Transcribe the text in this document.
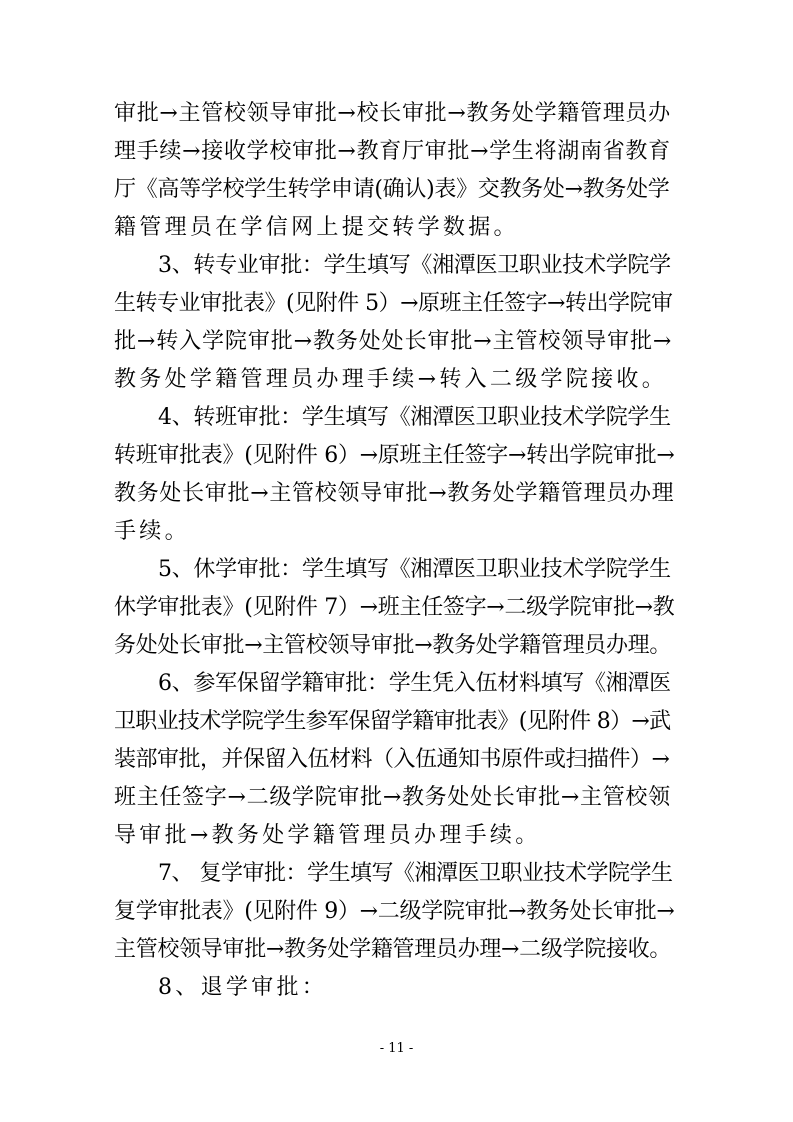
审批→主管校领导审批→校长审批→教务处学籍管理员办
理手续→接收学校审批→教育厅审批→学生将湖南省教育
厅《高等学校学生转学申请(确认)表》交教务处→教务处学
籍管理员在学信网上提交转学数据。
3、转专业审批：学生填写《湘潭医卫职业技术学院学
生转专业审批表》(见附件 5）→原班主任签字→转出学院审
批→转入学院审批→教务处处长审批→主管校领导审批→
教务处学籍管理员办理手续→转入二级学院接收。
4、转班审批：学生填写《湘潭医卫职业技术学院学生
转班审批表》(见附件 6）→原班主任签字→转出学院审批→
教务处长审批→主管校领导审批→教务处学籍管理员办理
手续。
5、休学审批：学生填写《湘潭医卫职业技术学院学生
休学审批表》(见附件 7）→班主任签字→二级学院审批→教
务处处长审批→主管校领导审批→教务处学籍管理员办理。
6、参军保留学籍审批：学生凭入伍材料填写《湘潭医
卫职业技术学院学生参军保留学籍审批表》(见附件 8）→武
装部审批，并保留入伍材料（入伍通知书原件或扫描件）→
班主任签字→二级学院审批→教务处处长审批→主管校领
导审批→教务处学籍管理员办理手续。
7、 复学审批：学生填写《湘潭医卫职业技术学院学生
复学审批表》(见附件 9）→二级学院审批→教务处长审批→
主管校领导审批→教务处学籍管理员办理→二级学院接收。
8、退学审批：
- 11 -
